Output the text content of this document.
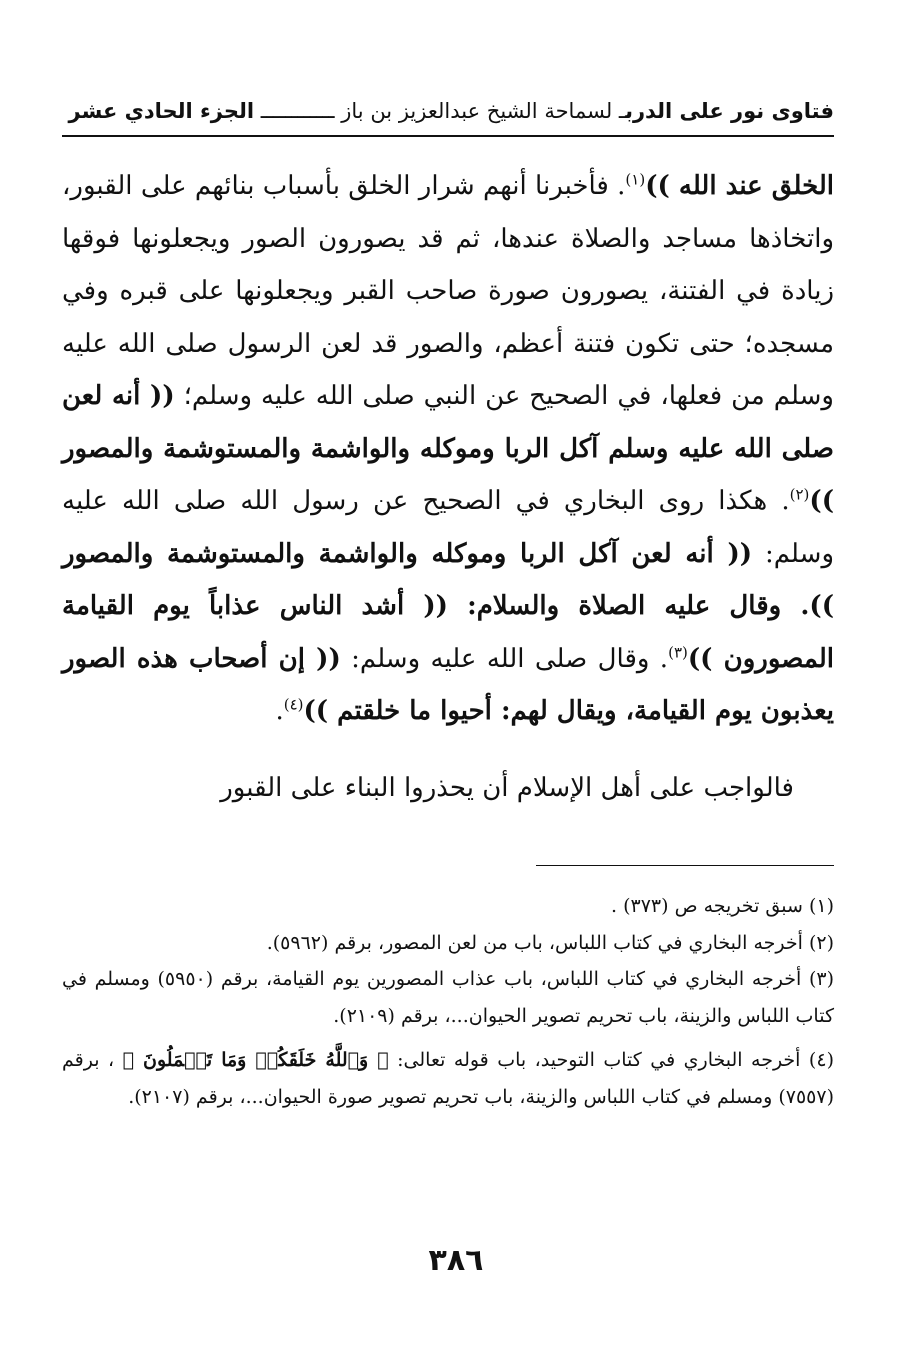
فتاوى نور على الدربـ لسماحة الشيخ عبدالعزيز بن باز ــــــــــــ الجزء الحادي عشر
الخلق عند الله ))$^{(١)}$. فأخبرنا أنهم شرار الخلق بأسباب بنائهم على القبور، واتخاذها مساجد والصلاة عندها، ثم قد يصورون الصور ويجعلونها فوقها زيادة في الفتنة، يصورون صورة صاحب القبر ويجعلونها على قبره وفي مسجده؛ حتى تكون فتنة أعظم، والصور قد لعن الرسول صلى الله عليه وسلم من فعلها، في الصحيح عن النبي صلى الله عليه وسلم؛ (( أنه لعن صلى الله عليه وسلم آكل الربا وموكله والواشمة والمستوشمة والمصور ))$^{(٢)}$. هكذا روى البخاري في الصحيح عن رسول الله صلى الله عليه وسلم: (( أنه لعن آكل الربا وموكله والواشمة والمستوشمة والمصور )). وقال عليه الصلاة والسلام: (( أشد الناس عذاباً يوم القيامة المصورون ))$^{(٣)}$. وقال صلى الله عليه وسلم: (( إن أصحاب هذه الصور يعذبون يوم القيامة، ويقال لهم: أحيوا ما خلقتم ))$^{(٤)}$.
فالواجب على أهل الإسلام أن يحذروا البناء على القبور

(١) سبق تخريجه ص (٣٧٣) .

(٢) أخرجه البخاري في كتاب اللباس، باب من لعن المصور، برقم (٥٩٦٢).

(٣) أخرجه البخاري في كتاب اللباس، باب عذاب المصورين يوم القيامة، برقم (٥٩٥٠) ومسلم في كتاب اللباس والزينة، باب تحريم تصوير الحيوان...، برقم (٢١٠٩).

(٤) أخرجه البخاري في كتاب التوحيد، باب قوله تعالى: ﴿ وَٱللَّهُ خَلَقَكُمۡ وَمَا تَعۡمَلُونَ ﴾ ، برقم (٧٥٥٧) ومسلم في كتاب اللباس والزينة، باب تحريم تصوير صورة الحيوان...، برقم (٢١٠٧).

٣٨٦
